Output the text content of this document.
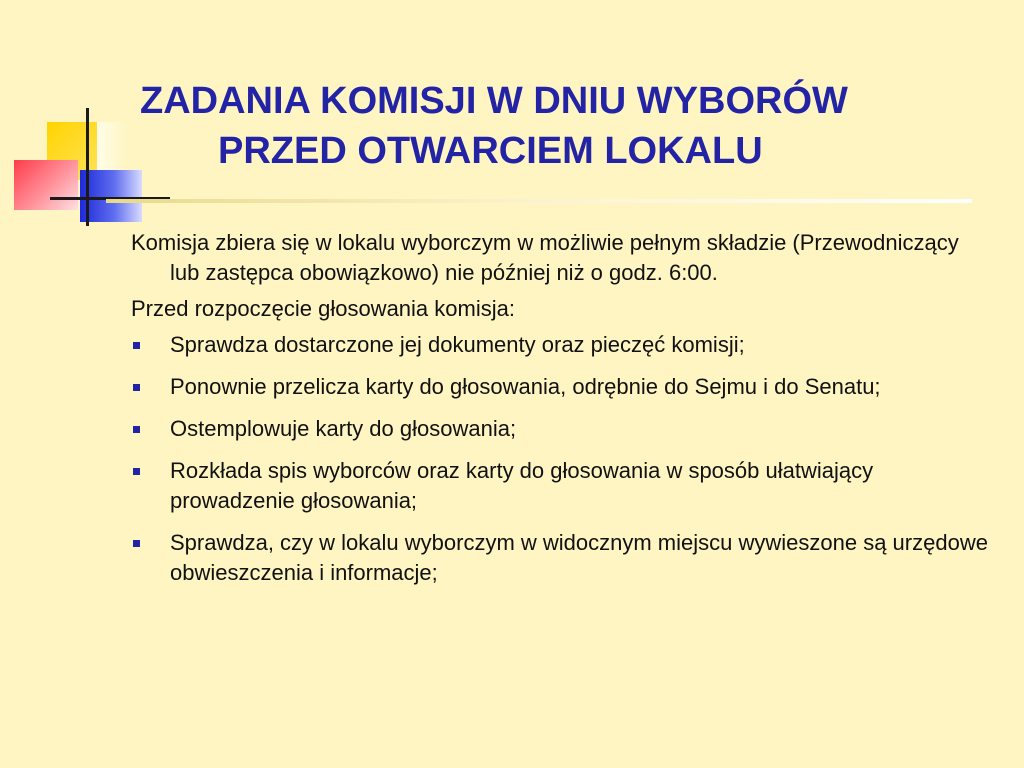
ZADANIA KOMISJI W DNIU WYBORÓW
PRZED OTWARCIEM LOKALU

Komisja zbiera się w lokalu wyborczym w możliwie pełnym składzie (Przewodniczący lub zastępca obowiązkowo) nie później niż o godz. 6:00.

Przed rozpoczęcie głosowania komisja:

Sprawdza dostarczone jej dokumenty oraz pieczęć komisji;
Ponownie przelicza karty do głosowania, odrębnie do Sejmu i do Senatu;
Ostemplowuje karty do głosowania;
Rozkłada spis wyborców oraz karty do głosowania w sposób ułatwiający prowadzenie głosowania;
Sprawdza, czy w lokalu wyborczym w widocznym miejscu wywieszone są urzędowe obwieszczenia i informacje;
